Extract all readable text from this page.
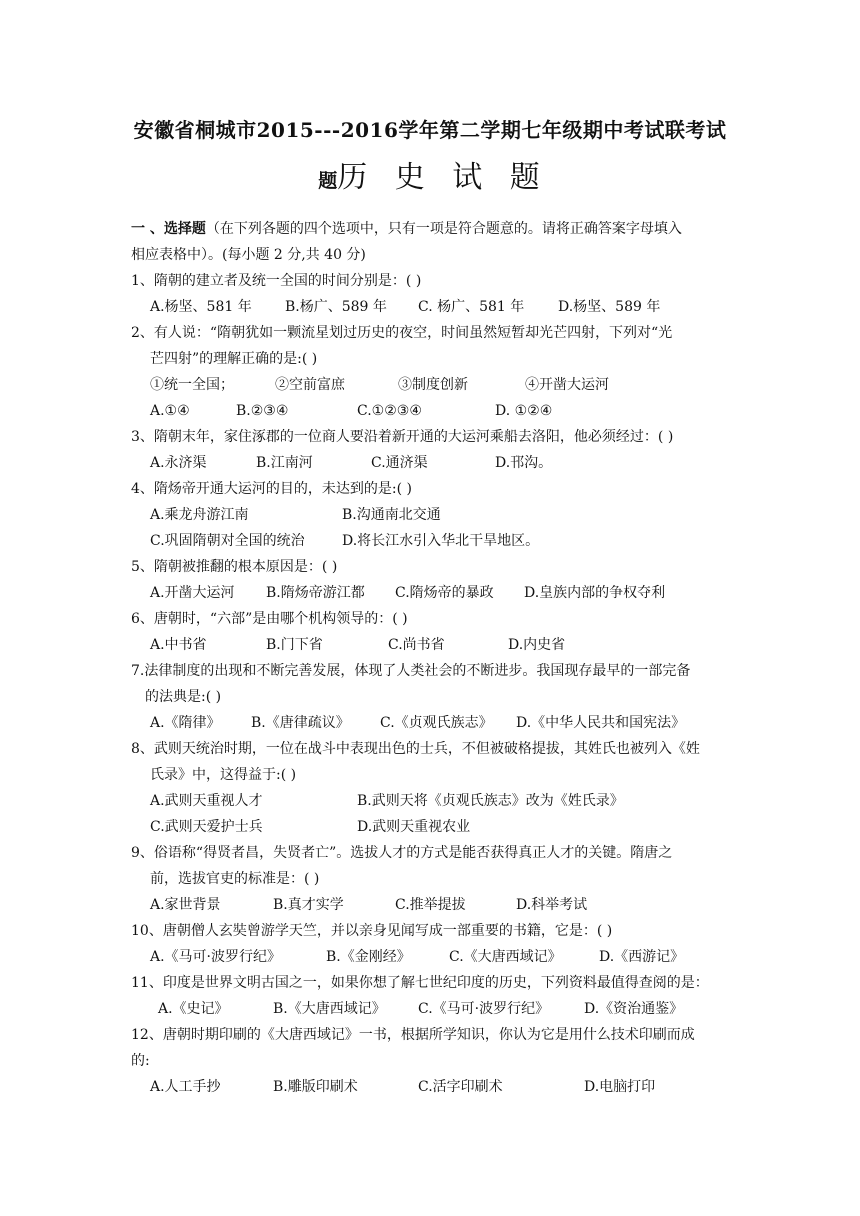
安徽省桐城市2015---2016学年第二学期七年级期中考试联考试
题历 史 试 题
一 、选择题（在下列各题的四个选项中，只有一项是符合题意的。请将正确答案字母填入
相应表格中）。(每小题 2 分,共 40 分)
1、隋朝的建立者及统一全国的时间分别是：( )
A.杨坚、581 年 B.杨广、589 年 C. 杨广、581 年 D.杨坚、589 年
2、有人说：“隋朝犹如一颗流星划过历史的夜空，时间虽然短暂却光芒四射，下列对“光
芒四射”的理解正确的是:( )
①统一全国；	②空前富庶	③制度创新	④开凿大运河
A.①④	B.②③④	C.①②③④	D. ①②④
3、隋朝末年，家住涿郡的一位商人要沿着新开通的大运河乘船去洛阳，他必须经过：( )
A.永济渠	B.江南河	C.通济渠	D.邗沟。
4、隋炀帝开通大运河的目的，未达到的是:( )
A.乘龙舟游江南	B.沟通南北交通
C.巩固隋朝对全国的统治	D.将长江水引入华北干旱地区。
5、隋朝被推翻的根本原因是：( )
A.开凿大运河 B.隋炀帝游江都 C.隋炀帝的暴政 D.皇族内部的争权夺利
6、唐朝时，“六部”是由哪个机构领导的：( )
A.中书省	B.门下省	C.尚书省	D.内史省
7.法律制度的出现和不断完善发展，体现了人类社会的不断进步。我国现存最早的一部完备
的法典是:( )
A.《隋律》 B.《唐律疏议》 C.《贞观氏族志》 D.《中华人民共和国宪法》
8、武则天统治时期，一位在战斗中表现出色的士兵，不但被破格提拔，其姓氏也被列入《姓
氏录》中，这得益于:( )
A.武则天重视人才	B.武则天将《贞观氏族志》改为《姓氏录》
C.武则天爱护士兵	D.武则天重视农业
9、俗语称“得贤者昌，失贤者亡”。选拔人才的方式是能否获得真正人才的关键。隋唐之
前，选拔官吏的标准是：( )
A.家世背景	B.真才实学	C.推举提拔	D.科举考试
10、唐朝僧人玄奘曾游学天竺，并以亲身见闻写成一部重要的书籍，它是：( )
A.《马可·波罗行纪》	B.《金刚经》	C.《大唐西域记》	D.《西游记》
11、印度是世界文明古国之一，如果你想了解七世纪印度的历史，下列资料最值得查阅的是：
A.《史记》	B.《大唐西域记》 C.《马可·波罗行纪》 D.《资治通鉴》
12、唐朝时期印刷的《大唐西域记》一书，根据所学知识，你认为它是用什么技术印刷而成
的:
A.人工手抄	B.雕版印刷术	C.活字印刷术	D.电脑打印
